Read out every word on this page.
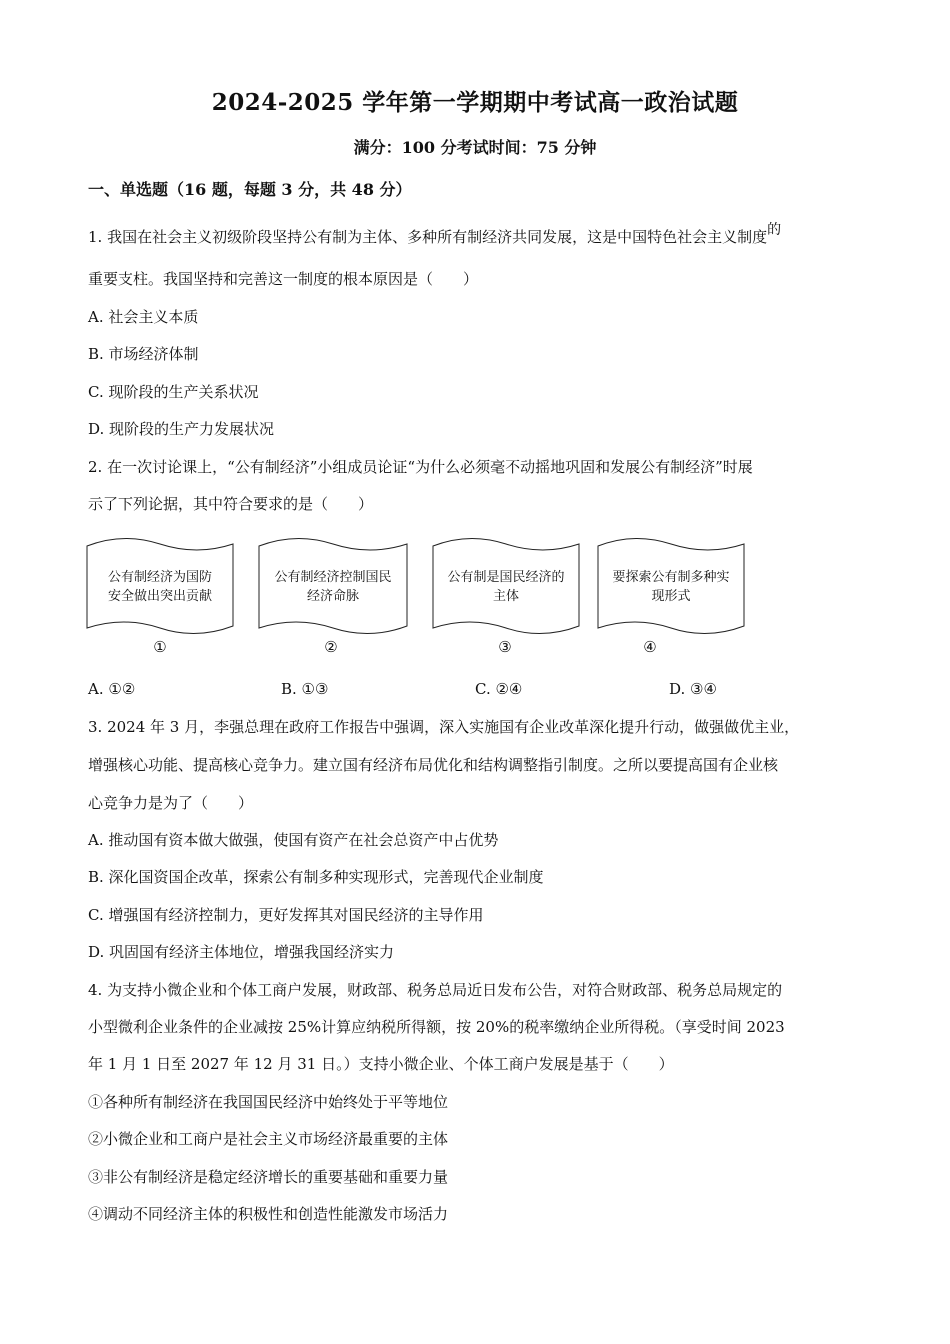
2024-2025 学年第一学期期中考试高一政治试题
满分：100 分考试时间：75 分钟
一、单选题（16 题，每题 3 分，共 48 分）
1. 我国在社会主义初级阶段坚持公有制为主体、多种所有制经济共同发展，这是中国特色社会主义制度的
重要支柱。我国坚持和完善这一制度的根本原因是（　　）
A. 社会主义本质
B. 市场经济体制
C. 现阶段的生产关系状况
D. 现阶段的生产力发展状况
2. 在一次讨论课上，“公有制经济”小组成员论证“为什么必须毫不动摇地巩固和发展公有制经济”时展
示了下列论据，其中符合要求的是（　　）
公有制经济为国防
安全做出突出贡献
公有制经济控制国民
经济命脉
公有制是国民经济的
主体
要探索公有制多种实
现形式
①	②	③	④
A. ①②	B. ①③	C. ②④	D. ③④
3. 2024 年 3 月，李强总理在政府工作报告中强调，深入实施国有企业改革深化提升行动，做强做优主业，
增强核心功能、提高核心竞争力。建立国有经济布局优化和结构调整指引制度。之所以要提高国有企业核
心竞争力是为了（　　）
A. 推动国有资本做大做强，使国有资产在社会总资产中占优势
B. 深化国资国企改革，探索公有制多种实现形式，完善现代企业制度
C. 增强国有经济控制力，更好发挥其对国民经济的主导作用
D. 巩固国有经济主体地位，增强我国经济实力
4. 为支持小微企业和个体工商户发展，财政部、税务总局近日发布公告，对符合财政部、税务总局规定的
小型微利企业条件的企业减按 25%计算应纳税所得额，按 20%的税率缴纳企业所得税。（享受时间 2023
年 1 月 1 日至 2027 年 12 月 31 日。）支持小微企业、个体工商户发展是基于（　　）
①各种所有制经济在我国国民经济中始终处于平等地位
②小微企业和工商户是社会主义市场经济最重要的主体
③非公有制经济是稳定经济增长的重要基础和重要力量
④调动不同经济主体的积极性和创造性能激发市场活力
